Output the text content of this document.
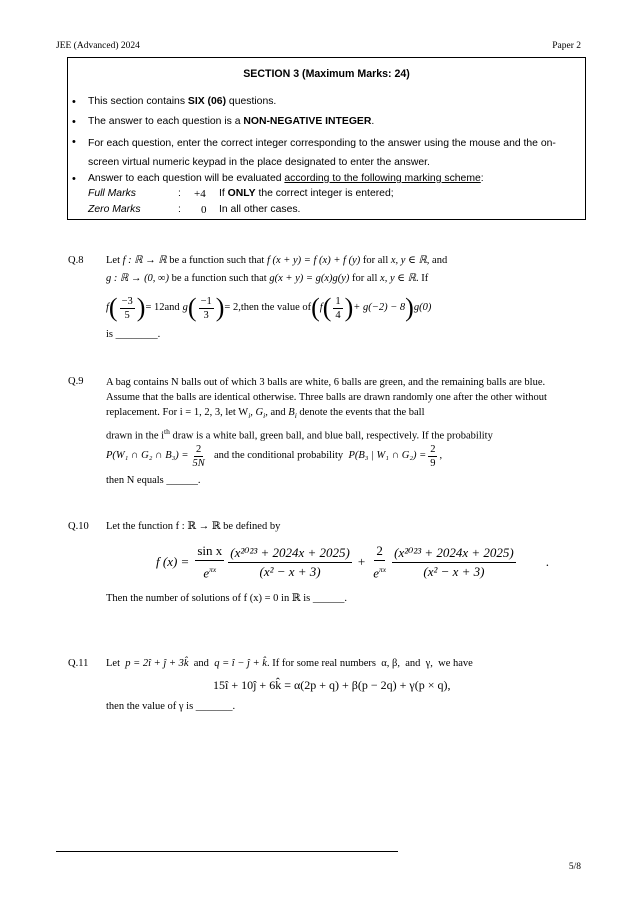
JEE (Advanced) 2024	Paper 2
SECTION 3 (Maximum Marks: 24)
•	This section contains SIX (06) questions.
•	The answer to each question is a NON-NEGATIVE INTEGER.
•	For each question, enter the correct integer corresponding to the answer using the mouse and the on-screen virtual numeric keypad in the place designated to enter the answer.
•	Answer to each question will be evaluated according to the following marking scheme:
Full Marks	: +4 If ONLY the correct integer is entered;
Zero Marks	: 0 In all other cases.
Q.8 Let f : ℝ → ℝ be a function such that f (x + y) = f (x) + f (y) for all x, y ∈ ℝ, and
g : ℝ → (0, ∞) be a function such that g(x + y) = g(x)g(y) for all x, y ∈ ℝ. If
f ( $\frac{-3}{5}$ ) = 12 and g ( $\frac{-1}{3}$ ) = 2, then the value of ( f ( $\frac{1}{4}$ ) + g(−2) − 8 ) g(0)
is ________.
Q.9 A bag contains N balls out of which 3 balls are white, 6 balls are green, and the remaining balls are blue. Assume that the balls are identical otherwise. Three balls are drawn randomly one after the other without replacement. For i = 1, 2, 3, let $W_i$, $G_i$, and $B_i$ denote the events that the ball
drawn in the $i^{th}$ draw is a white ball, green ball, and blue ball, respectively. If the probability
P(W₁ ∩ G₂ ∩ $B_3) = \frac{2}{5N}$ and the conditional probability P(B₃ | W₁ ∩ $G_2) = \frac{2}{9}$ ,
then N equals ______.
Q.10 Let the function f : ℝ → ℝ be defined by
f $(x) = \frac{\text{sin x}}{e^{\pi x}} \frac{\text{(x²⁰²³ + 2024x + 2025)}}{\text{(x² − x + 3)}} + \frac{2}{e^{\pi x}} \frac{\text{(x²⁰²³ + 2024x + 2025)}}{\text{(x² − x + 3)}}$ .
Then the number of solutions of f (x) = 0 in ℝ is ______.
Q.11 Let  p = 2î + ĵ + 3k̂  and  q = î − ĵ + k̂. If for some real numbers  α, β,  and  γ,  we have
15î + 10ĵ + 6k̂ = α(2p + q) + β(p − 2q) + γ(p × q),
then the value of γ is _______.
5/8
